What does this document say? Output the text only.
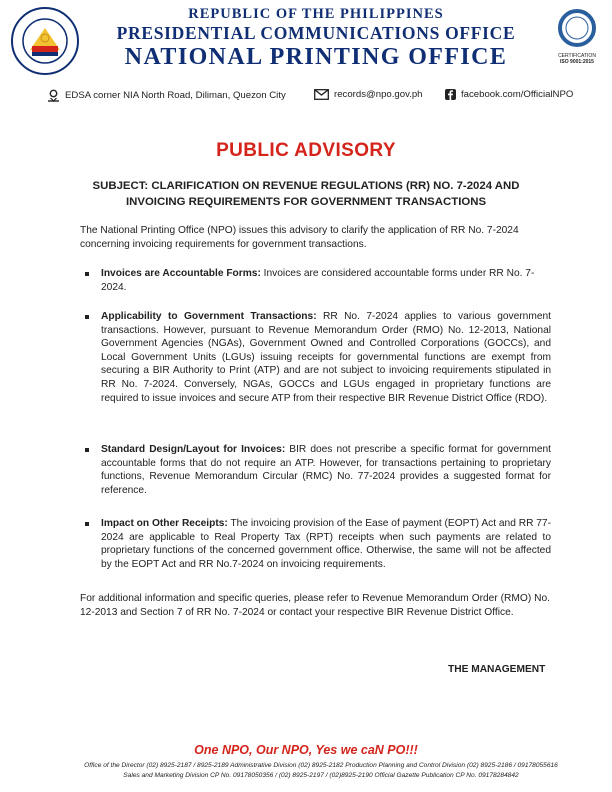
REPUBLIC OF THE PHILIPPINES
PRESIDENTIAL COMMUNICATIONS OFFICE
NATIONAL PRINTING OFFICE	CERTIFICATION
ISO 9001:2015
EDSA corner NIA North Road, Diliman, Quezon City	records@npo.gov.ph	facebook.com/OfficialNPO
PUBLIC ADVISORY
SUBJECT: CLARIFICATION ON REVENUE REGULATIONS (RR) NO. 7-2024 AND
INVOICING REQUIREMENTS FOR GOVERNMENT TRANSACTIONS
The National Printing Office (NPO) issues this advisory to clarify the application of RR No. 7-2024 concerning invoicing requirements for government transactions.
Invoices are Accountable Forms: Invoices are considered accountable forms under RR No. 7-2024.
Applicability to Government Transactions: RR No. 7-2024 applies to various government transactions. However, pursuant to Revenue Memorandum Order (RMO) No. 12-2013, National Government Agencies (NGAs), Government Owned and Controlled Corporations (GOCCs), and Local Government Units (LGUs) issuing receipts for governmental functions are exempt from securing a BIR Authority to Print (ATP) and are not subject to invoicing requirements stipulated in RR No. 7-2024. Conversely, NGAs, GOCCs and LGUs engaged in proprietary functions are required to issue invoices and secure ATP from their respective BIR Revenue District Office (RDO).
Standard Design/Layout for Invoices: BIR does not prescribe a specific format for government accountable forms that do not require an ATP. However, for transactions pertaining to proprietary functions, Revenue Memorandum Circular (RMC) No. 77-2024 provides a suggested format for reference.
Impact on Other Receipts: The invoicing provision of the Ease of payment (EOPT) Act and RR 77-2024 are applicable to Real Property Tax (RPT) receipts when such payments are related to proprietary functions of the concerned government office. Otherwise, the same will not be affected by the EOPT Act and RR No.7-2024 on invoicing requirements.
For additional information and specific queries, please refer to Revenue Memorandum Order (RMO) No. 12-2013 and Section 7 of RR No. 7-2024 or contact your respective BIR Revenue District Office.
THE MANAGEMENT
One NPO, Our NPO, Yes we caN PO!!!
Office of the Director (02) 8925-2187 / 8925-2189 Administrative Division (02) 8925-2182 Production Planning and Control Division (02) 8925-2186 / 09178055616
Sales and Marketing Division CP No. 09178050356 / (02) 8925-2197 / (02)8925-2190 Official Gazette Publication CP No. 09178284842
